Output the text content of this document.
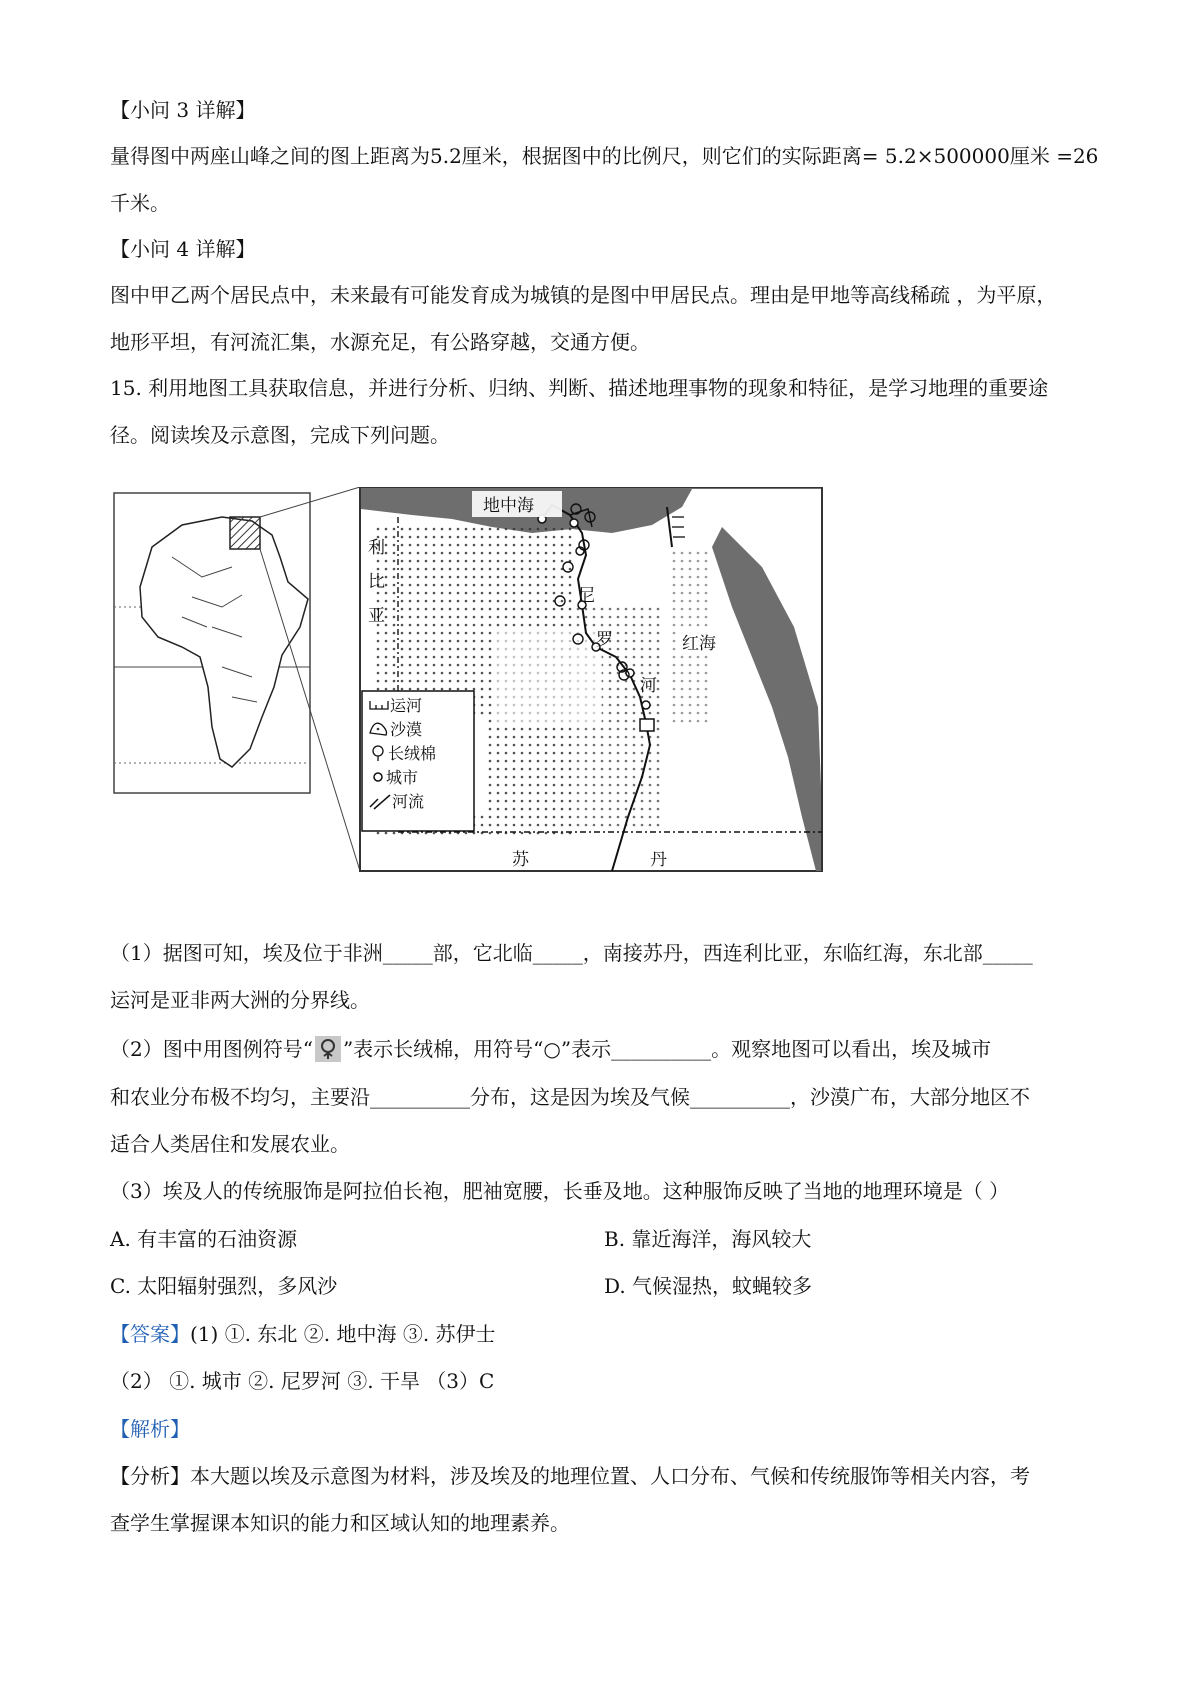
【小问 3 详解】
量得图中两座山峰之间的图上距离为5.2厘米，根据图中的比例尺，则它们的实际距离= 5.2×500000厘米 =26
千米。
【小问 4 详解】
图中甲乙两个居民点中，未来最有可能发育成为城镇的是图中甲居民点。理由是甲地等高线稀疏 ，为平原，
地形平坦，有河流汇集，水源充足，有公路穿越，交通方便。
15. 利用地图工具获取信息，并进行分析、归纳、判断、描述地理事物的现象和特征，是学习地理的重要途
径。阅读埃及示意图，完成下列问题。
地中海
红海
利
比
亚
尼
罗
河
苏	丹
运河
沙漠
长绒棉
城市
河流
（1）据图可知，埃及位于非洲_____部，它北临_____，南接苏丹，西连利比亚，东临红海，东北部_____
运河是亚非两大洲的分界线。
（2）图中用图例符号“ ”表示长绒棉，用符号“○”表示__________。观察地图可以看出，埃及城市
和农业分布极不均匀，主要沿__________分布，这是因为埃及气候__________，沙漠广布，大部分地区不
适合人类居住和发展农业。
（3）埃及人的传统服饰是阿拉伯长袍，肥袖宽腰，长垂及地。这种服饰反映了当地的地理环境是（ ）
A. 有丰富的石油资源	B. 靠近海洋，海风较大
C. 太阳辐射强烈，多风沙	D. 气候湿热，蚊蝇较多
【答案】(1) ①. 东北 ②. 地中海 ③. 苏伊士
（2） ①. 城市 ②. 尼罗河 ③. 干旱 （3）C
【解析】
【分析】本大题以埃及示意图为材料，涉及埃及的地理位置、人口分布、气候和传统服饰等相关内容，考
查学生掌握课本知识的能力和区域认知的地理素养。
